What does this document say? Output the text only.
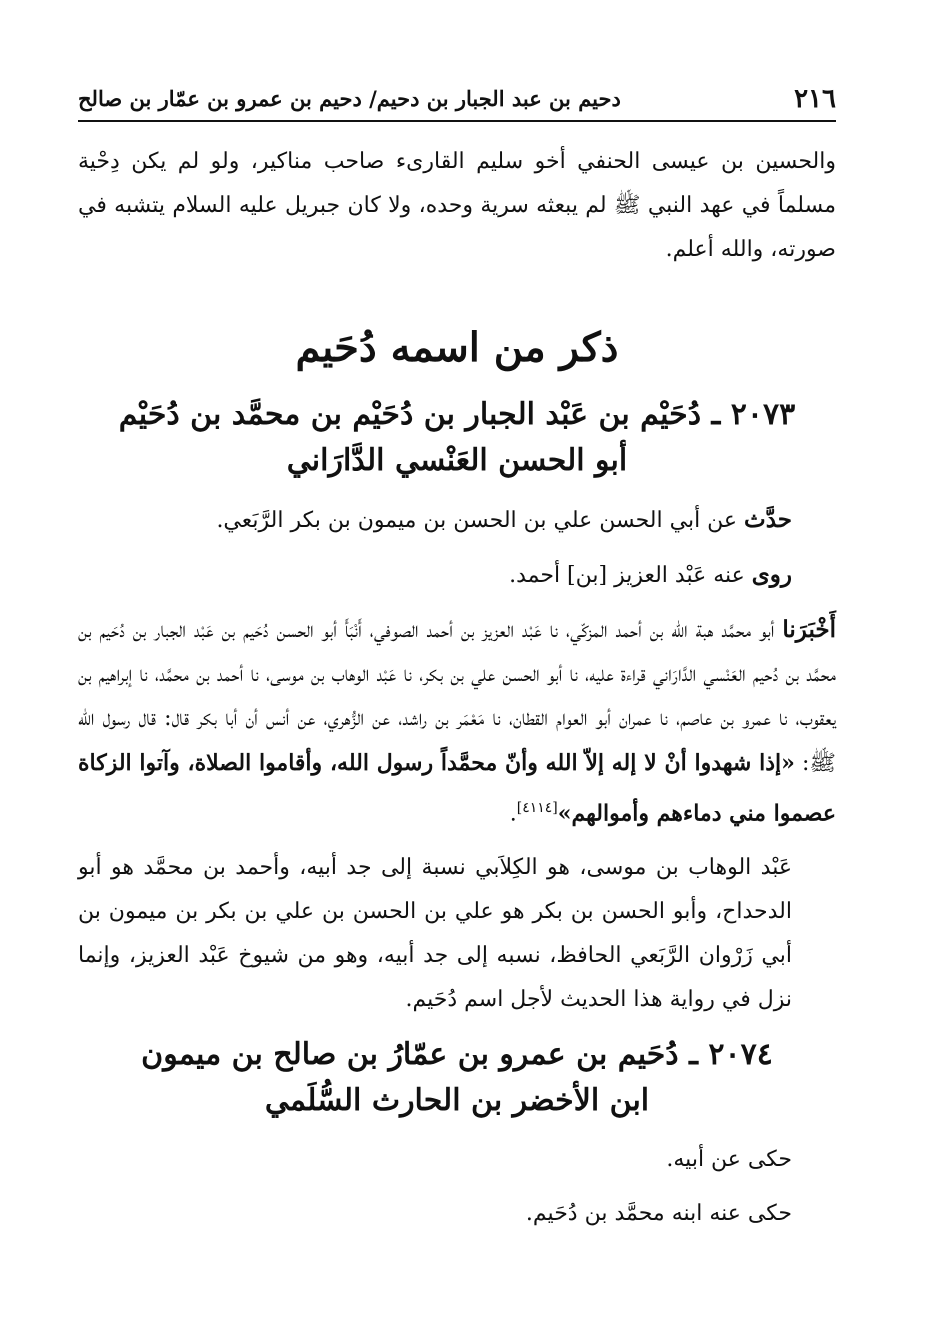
٢١٦
دحيم بن عبد الجبار بن دحيم/ دحيم بن عمرو بن عمّار بن صالح

والحسين بن عيسى الحنفي أخو سليم القارىء صاحب مناكير، ولو لم يكن دِحْية مسلماً في عهد النبي ﷺ لم يبعثه سرية وحده، ولا كان جبريل عليه السلام يتشبه في صورته، والله أعلم.

ذكر من اسمه دُحَيم
٢٠٧٣ ـ دُحَيْم بن عَبْد الجبار بن دُحَيْم بن محمَّد بن دُحَيْم
أبو الحسن العَنْسي الدَّارَاني

حدَّث عن أبي الحسن علي بن الحسن بن ميمون بن بكر الرَّبَعي.

روى عنه عَبْد العزيز [بن] أحمد.

أَخْبَرَنا أبو محمَّد هبة الله بن أحمد المزكّي، نا عَبْد العزيز بن أحمد الصوفي، أَنْبَأَ أبو الحسن دُحَيم بن عَبْد الجبار بن دُحَيم بن محمَّد بن دُحيم العَنْسي الدَّارَاني قراءة عليه، نا أبو الحسن علي بن بكر، نا عَبْد الوهاب بن موسى، نا أحمد بن محمَّد، نا إبراهيم بن يعقوب، نا عمرو بن عاصم، نا عمران أبو العوام القطان، نا مَعْمَر بن راشد، عن الزُّهري، عن أنس أن أبا بكر قال: قال رسول الله ﷺ: «إذا شهدوا أنْ لا إله إلاّ الله وأنّ محمَّداً رسول الله، وأقاموا الصلاة، وآتوا الزكاة عصموا مني دماءهم وأموالهم»[٤١١٤].

عَبْد الوهاب بن موسى، هو الكِلاَبي نسبة إلى جد أبيه، وأحمد بن محمَّد هو أبو الدحداح، وأبو الحسن بن بكر هو علي بن الحسن بن علي بن بكر بن ميمون بن أبي زَرْوان الرَّبَعي الحافظ، نسبه إلى جد أبيه، وهو من شيوخ عَبْد العزيز، وإنما نزل في رواية هذا الحديث لأجل اسم دُحَيم.

٢٠٧٤ ـ دُحَيم بن عمرو بن عمّارُ بن صالح بن ميمون
ابن الأخضر بن الحارث السُّلَمي

حكى عن أبيه.

حكى عنه ابنه محمَّد بن دُحَيم.
